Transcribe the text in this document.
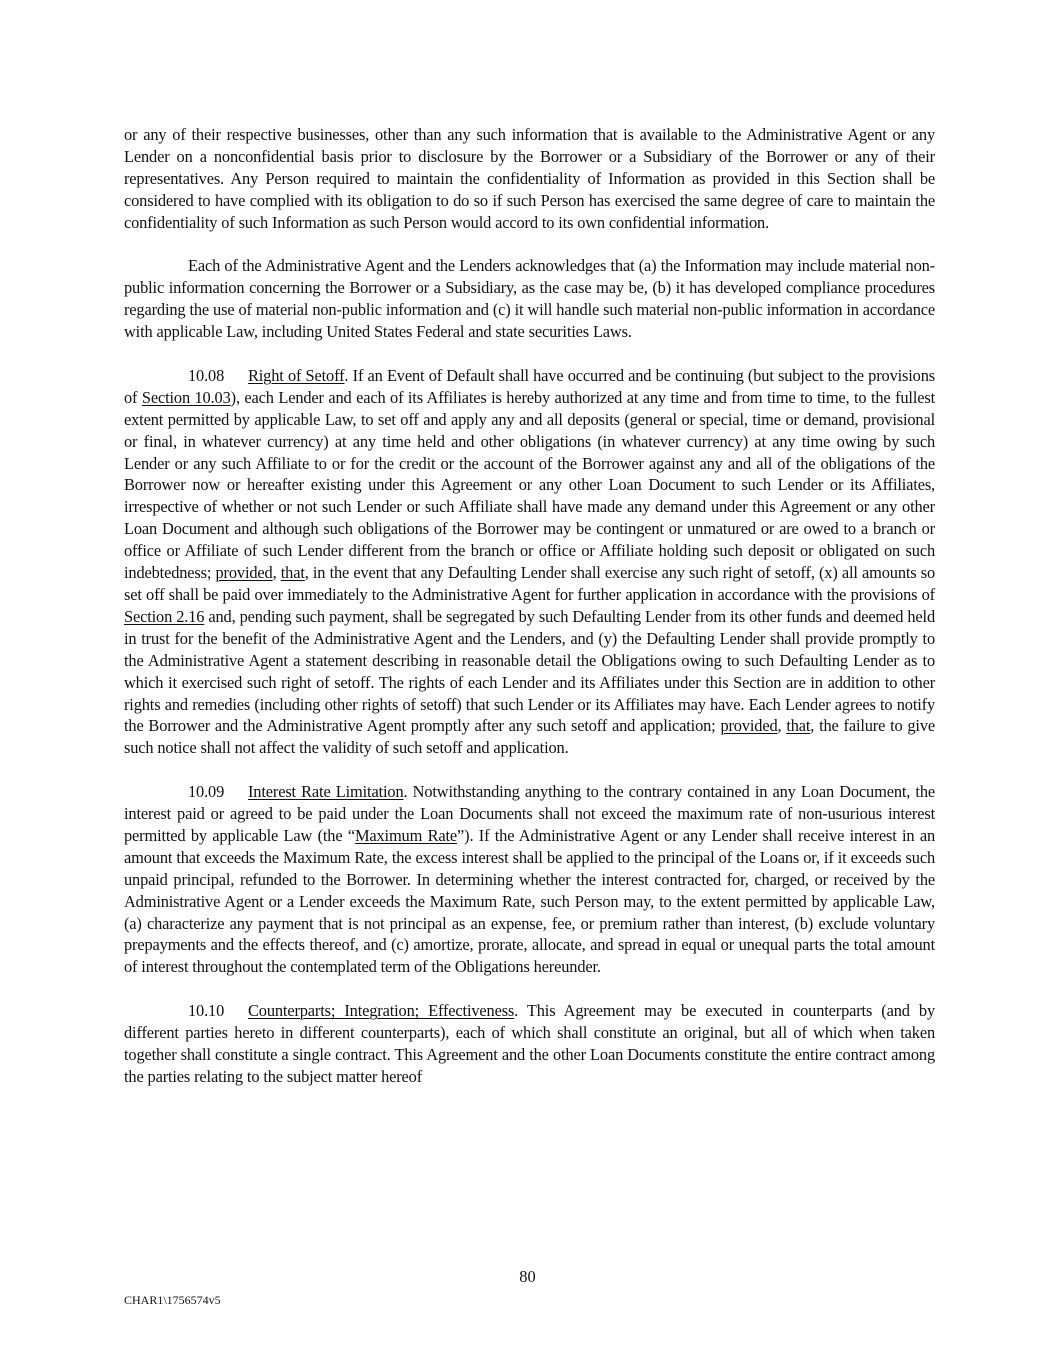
or any of their respective businesses, other than any such information that is available to the Administrative Agent or any Lender on a nonconfidential basis prior to disclosure by the Borrower or a Subsidiary of the Borrower or any of their representatives. Any Person required to maintain the confidentiality of Information as provided in this Section shall be considered to have complied with its obligation to do so if such Person has exercised the same degree of care to maintain the confidentiality of such Information as such Person would accord to its own confidential information.

Each of the Administrative Agent and the Lenders acknowledges that (a) the Information may include material non-public information concerning the Borrower or a Subsidiary, as the case may be, (b) it has developed compliance procedures regarding the use of material non-public information and (c) it will handle such material non-public information in accordance with applicable Law, including United States Federal and state securities Laws.

10.08 Right of Setoff. If an Event of Default shall have occurred and be continuing (but subject to the provisions of Section 10.03), each Lender and each of its Affiliates is hereby authorized at any time and from time to time, to the fullest extent permitted by applicable Law, to set off and apply any and all deposits (general or special, time or demand, provisional or final, in whatever currency) at any time held and other obligations (in whatever currency) at any time owing by such Lender or any such Affiliate to or for the credit or the account of the Borrower against any and all of the obligations of the Borrower now or hereafter existing under this Agreement or any other Loan Document to such Lender or its Affiliates, irrespective of whether or not such Lender or such Affiliate shall have made any demand under this Agreement or any other Loan Document and although such obligations of the Borrower may be contingent or unmatured or are owed to a branch or office or Affiliate of such Lender different from the branch or office or Affiliate holding such deposit or obligated on such indebtedness; provided, that, in the event that any Defaulting Lender shall exercise any such right of setoff, (x) all amounts so set off shall be paid over immediately to the Administrative Agent for further application in accordance with the provisions of Section 2.16 and, pending such payment, shall be segregated by such Defaulting Lender from its other funds and deemed held in trust for the benefit of the Administrative Agent and the Lenders, and (y) the Defaulting Lender shall provide promptly to the Administrative Agent a statement describing in reasonable detail the Obligations owing to such Defaulting Lender as to which it exercised such right of setoff. The rights of each Lender and its Affiliates under this Section are in addition to other rights and remedies (including other rights of setoff) that such Lender or its Affiliates may have. Each Lender agrees to notify the Borrower and the Administrative Agent promptly after any such setoff and application; provided, that, the failure to give such notice shall not affect the validity of such setoff and application.

10.09 Interest Rate Limitation. Notwithstanding anything to the contrary contained in any Loan Document, the interest paid or agreed to be paid under the Loan Documents shall not exceed the maximum rate of non-usurious interest permitted by applicable Law (the “Maximum Rate”). If the Administrative Agent or any Lender shall receive interest in an amount that exceeds the Maximum Rate, the excess interest shall be applied to the principal of the Loans or, if it exceeds such unpaid principal, refunded to the Borrower. In determining whether the interest contracted for, charged, or received by the Administrative Agent or a Lender exceeds the Maximum Rate, such Person may, to the extent permitted by applicable Law, (a) characterize any payment that is not principal as an expense, fee, or premium rather than interest, (b) exclude voluntary prepayments and the effects thereof, and (c) amortize, prorate, allocate, and spread in equal or unequal parts the total amount of interest throughout the contemplated term of the Obligations hereunder.

10.10 Counterparts; Integration; Effectiveness. This Agreement may be executed in counterparts (and by different parties hereto in different counterparts), each of which shall constitute an original, but all of which when taken together shall constitute a single contract. This Agreement and the other Loan Documents constitute the entire contract among the parties relating to the subject matter hereof

80
CHAR1\1756574v5
